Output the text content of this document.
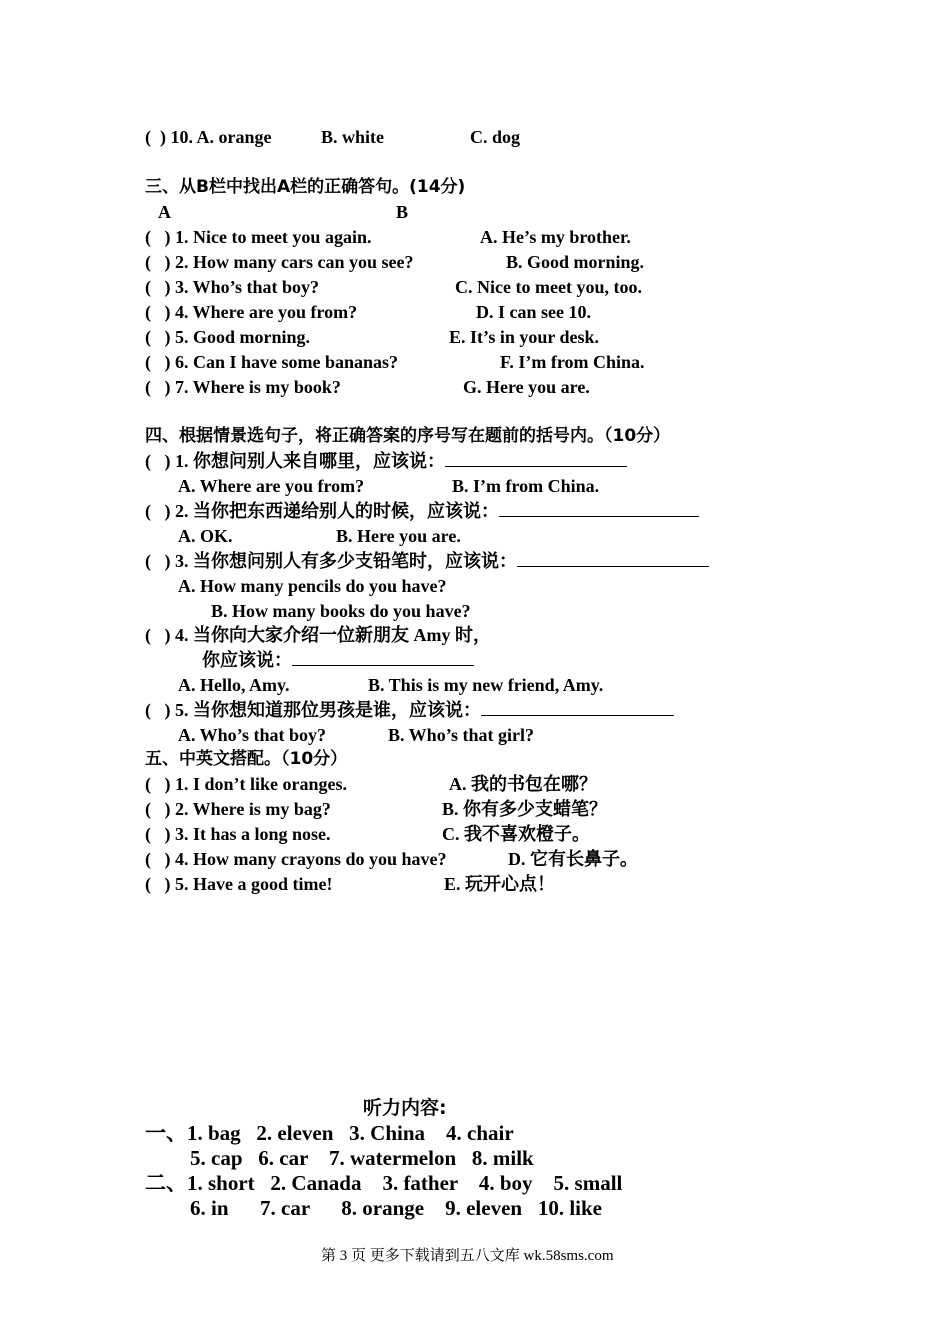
(  ) 10. A. orange	B. white	C. dog
三、从B栏中找出A栏的正确答句。(14分)
A	B
(   ) 1. Nice to meet you again.	A. He’s my brother.
(   ) 2. How many cars can you see?	B. Good morning.
(   ) 3. Who’s that boy?	C. Nice to meet you, too.
(   ) 4. Where are you from?	D. I can see 10.
(   ) 5. Good morning.	E. It’s in your desk.
(   ) 6. Can I have some bananas?	F. I’m from China.
(   ) 7. Where is my book?	G. Here you are.
四、根据情景选句子，将正确答案的序号写在题前的括号内。（10分）
(   ) 1. 你想问别人来自哪里，应该说：
A. Where are you from?	B. I’m from China.
(   ) 2. 当你把东西递给别人的时候，应该说：
A. OK.	B. Here you are.
(   ) 3. 当你想问别人有多少支铅笔时，应该说：
A. How many pencils do you have?
B. How many books do you have?
(   ) 4. 当你向大家介绍一位新朋友 Amy 时，
你应该说：
A. Hello, Amy.	B. This is my new friend, Amy.
(   ) 5. 当你想知道那位男孩是谁，应该说：
A. Who’s that boy?	B. Who’s that girl?
五、中英文搭配。（10分）
(   ) 1. I don’t like oranges.	A. 我的书包在哪？
(   ) 2. Where is my bag?	B. 你有多少支蜡笔？
(   ) 3. It has a long nose.	C. 我不喜欢橙子。
(   ) 4. How many crayons do you have?	D. 它有长鼻子。
(   ) 5. Have a good time!	E. 玩开心点！
听力内容:
一、1. bag   2. eleven   3. China    4. chair
5. cap   6. car    7. watermelon   8. milk
二、1. short   2. Canada    3. father    4. boy    5. small
6. in      7. car      8. orange    9. eleven   10. like
第 3 页 更多下载请到五八文库 wk.58sms.com
